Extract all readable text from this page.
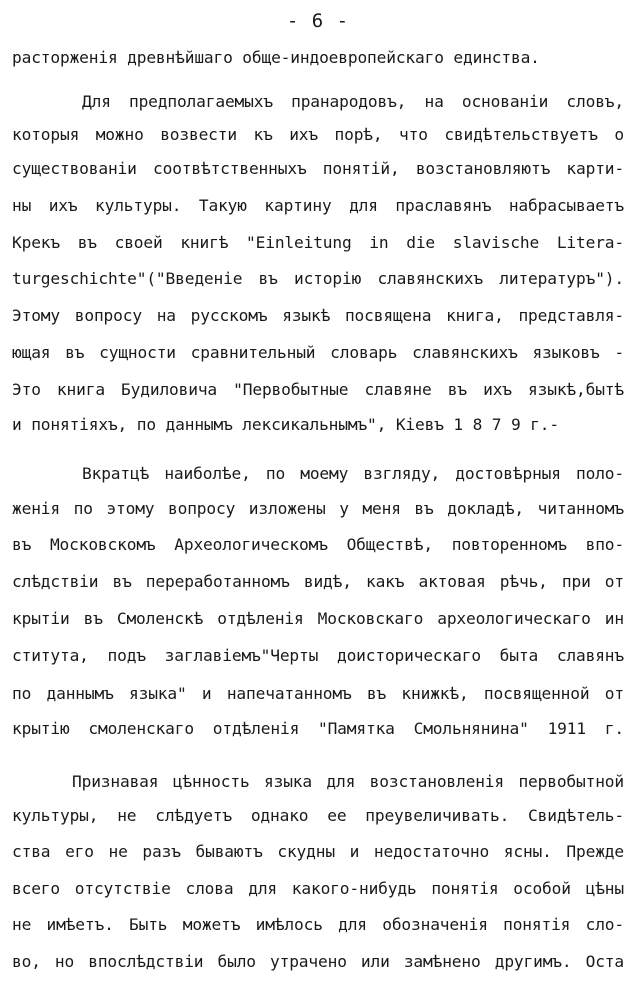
- 6 -
расторженія древнѣйшаго обще-индоевропейскаго единства.
Для предполагаемыхъ пранародовъ, на основаніи словъ,
которыя можно возвести къ ихъ порѣ, что свидѣтельствуетъ о
существованіи соотвѣтственныхъ понятій, возстановляютъ карти-
ны ихъ культуры. Такую картину для праславянъ набрасываетъ
Крекъ въ своей книгѣ "Einleitung in die slavische Litera-
turgeschichte"("Введеніе въ исторію славянскихъ литературъ").
Этому вопросу на русскомъ языкѣ посвящена книга, представля-
ющая въ сущности сравнительный словарь славянскихъ языковъ -
Это книга Будиловича "Первобытные славяне въ ихъ языкѣ,бытѣ
и понятіяхъ, по даннымъ лексикальнымъ", Кіевъ 1 8 7 9 г.-
Вкратцѣ наиболѣе, по моему взгляду, достовѣрныя поло-
женія по этому вопросу изложены у меня въ докладѣ, читанномъ
въ Московскомъ Археологическомъ Обществѣ, повторенномъ впо-
слѣдствіи въ переработанномъ видѣ, какъ актовая рѣчь, при от
крытіи въ Смоленскѣ отдѣленія Московскаго археологическаго ин
ститута, подъ заглавіемъ"Черты доисторическаго быта славянъ
по даннымъ языка" и напечатанномъ въ книжкѣ, посвященной от
крытію смоленскаго отдѣленія "Памятка Смольнянина" 1911 г.
Признавая цѣнность языка для возстановленія первобытной
культуры, не слѣдуетъ однако ее преувеличивать. Свидѣтель-
ства его не разъ бываютъ скудны и недостаточно ясны. Прежде
всего отсутствіе слова для какого-нибудь понятія особой цѣны
не имѣетъ. Быть можетъ имѣлось для обозначенія понятія сло-
во, но впослѣдствіи было утрачено или замѣнено другимъ. Оста
